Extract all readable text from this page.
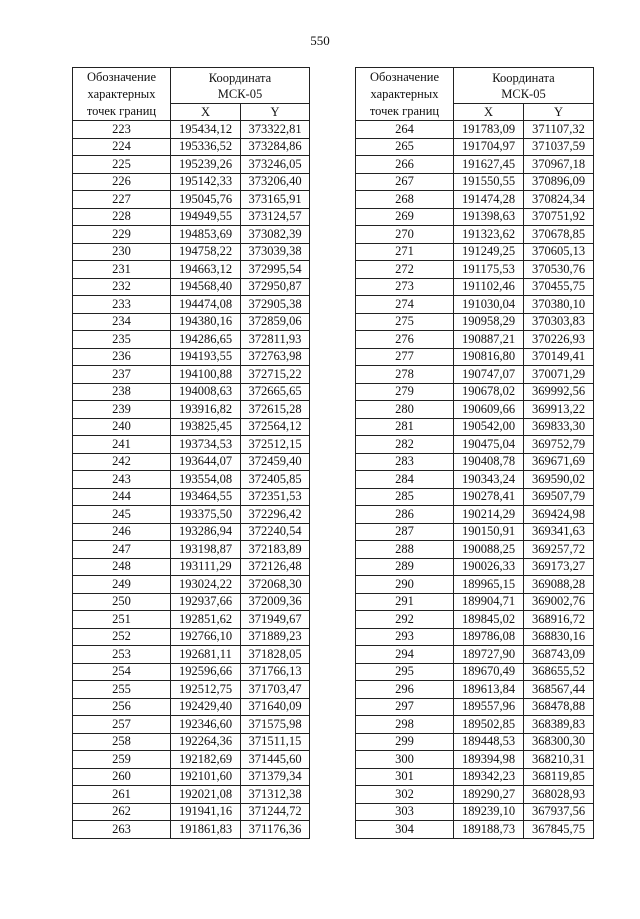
550
Обозначение
характерных
точек границ	Координата
МСК-05	
	X	Y
223	195434,12	373322,81
224	195336,52	373284,86
225	195239,26	373246,05
226	195142,33	373206,40
227	195045,76	373165,91
228	194949,55	373124,57
229	194853,69	373082,39
230	194758,22	373039,38
231	194663,12	372995,54
232	194568,40	372950,87
233	194474,08	372905,38
234	194380,16	372859,06
235	194286,65	372811,93
236	194193,55	372763,98
237	194100,88	372715,22
238	194008,63	372665,65
239	193916,82	372615,28
240	193825,45	372564,12
241	193734,53	372512,15
242	193644,07	372459,40
243	193554,08	372405,85
244	193464,55	372351,53
245	193375,50	372296,42
246	193286,94	372240,54
247	193198,87	372183,89
248	193111,29	372126,48
249	193024,22	372068,30
250	192937,66	372009,36
251	192851,62	371949,67
252	192766,10	371889,23
253	192681,11	371828,05
254	192596,66	371766,13
255	192512,75	371703,47
256	192429,40	371640,09
257	192346,60	371575,98
258	192264,36	371511,15
259	192182,69	371445,60
260	192101,60	371379,34
261	192021,08	371312,38
262	191941,16	371244,72
263	191861,83	371176,36
Обозначение
характерных
точек границ	Координата
МСК-05	
	X	Y
264	191783,09	371107,32
265	191704,97	371037,59
266	191627,45	370967,18
267	191550,55	370896,09
268	191474,28	370824,34
269	191398,63	370751,92
270	191323,62	370678,85
271	191249,25	370605,13
272	191175,53	370530,76
273	191102,46	370455,75
274	191030,04	370380,10
275	190958,29	370303,83
276	190887,21	370226,93
277	190816,80	370149,41
278	190747,07	370071,29
279	190678,02	369992,56
280	190609,66	369913,22
281	190542,00	369833,30
282	190475,04	369752,79
283	190408,78	369671,69
284	190343,24	369590,02
285	190278,41	369507,79
286	190214,29	369424,98
287	190150,91	369341,63
288	190088,25	369257,72
289	190026,33	369173,27
290	189965,15	369088,28
291	189904,71	369002,76
292	189845,02	368916,72
293	189786,08	368830,16
294	189727,90	368743,09
295	189670,49	368655,52
296	189613,84	368567,44
297	189557,96	368478,88
298	189502,85	368389,83
299	189448,53	368300,30
300	189394,98	368210,31
301	189342,23	368119,85
302	189290,27	368028,93
303	189239,10	367937,56
304	189188,73	367845,75
